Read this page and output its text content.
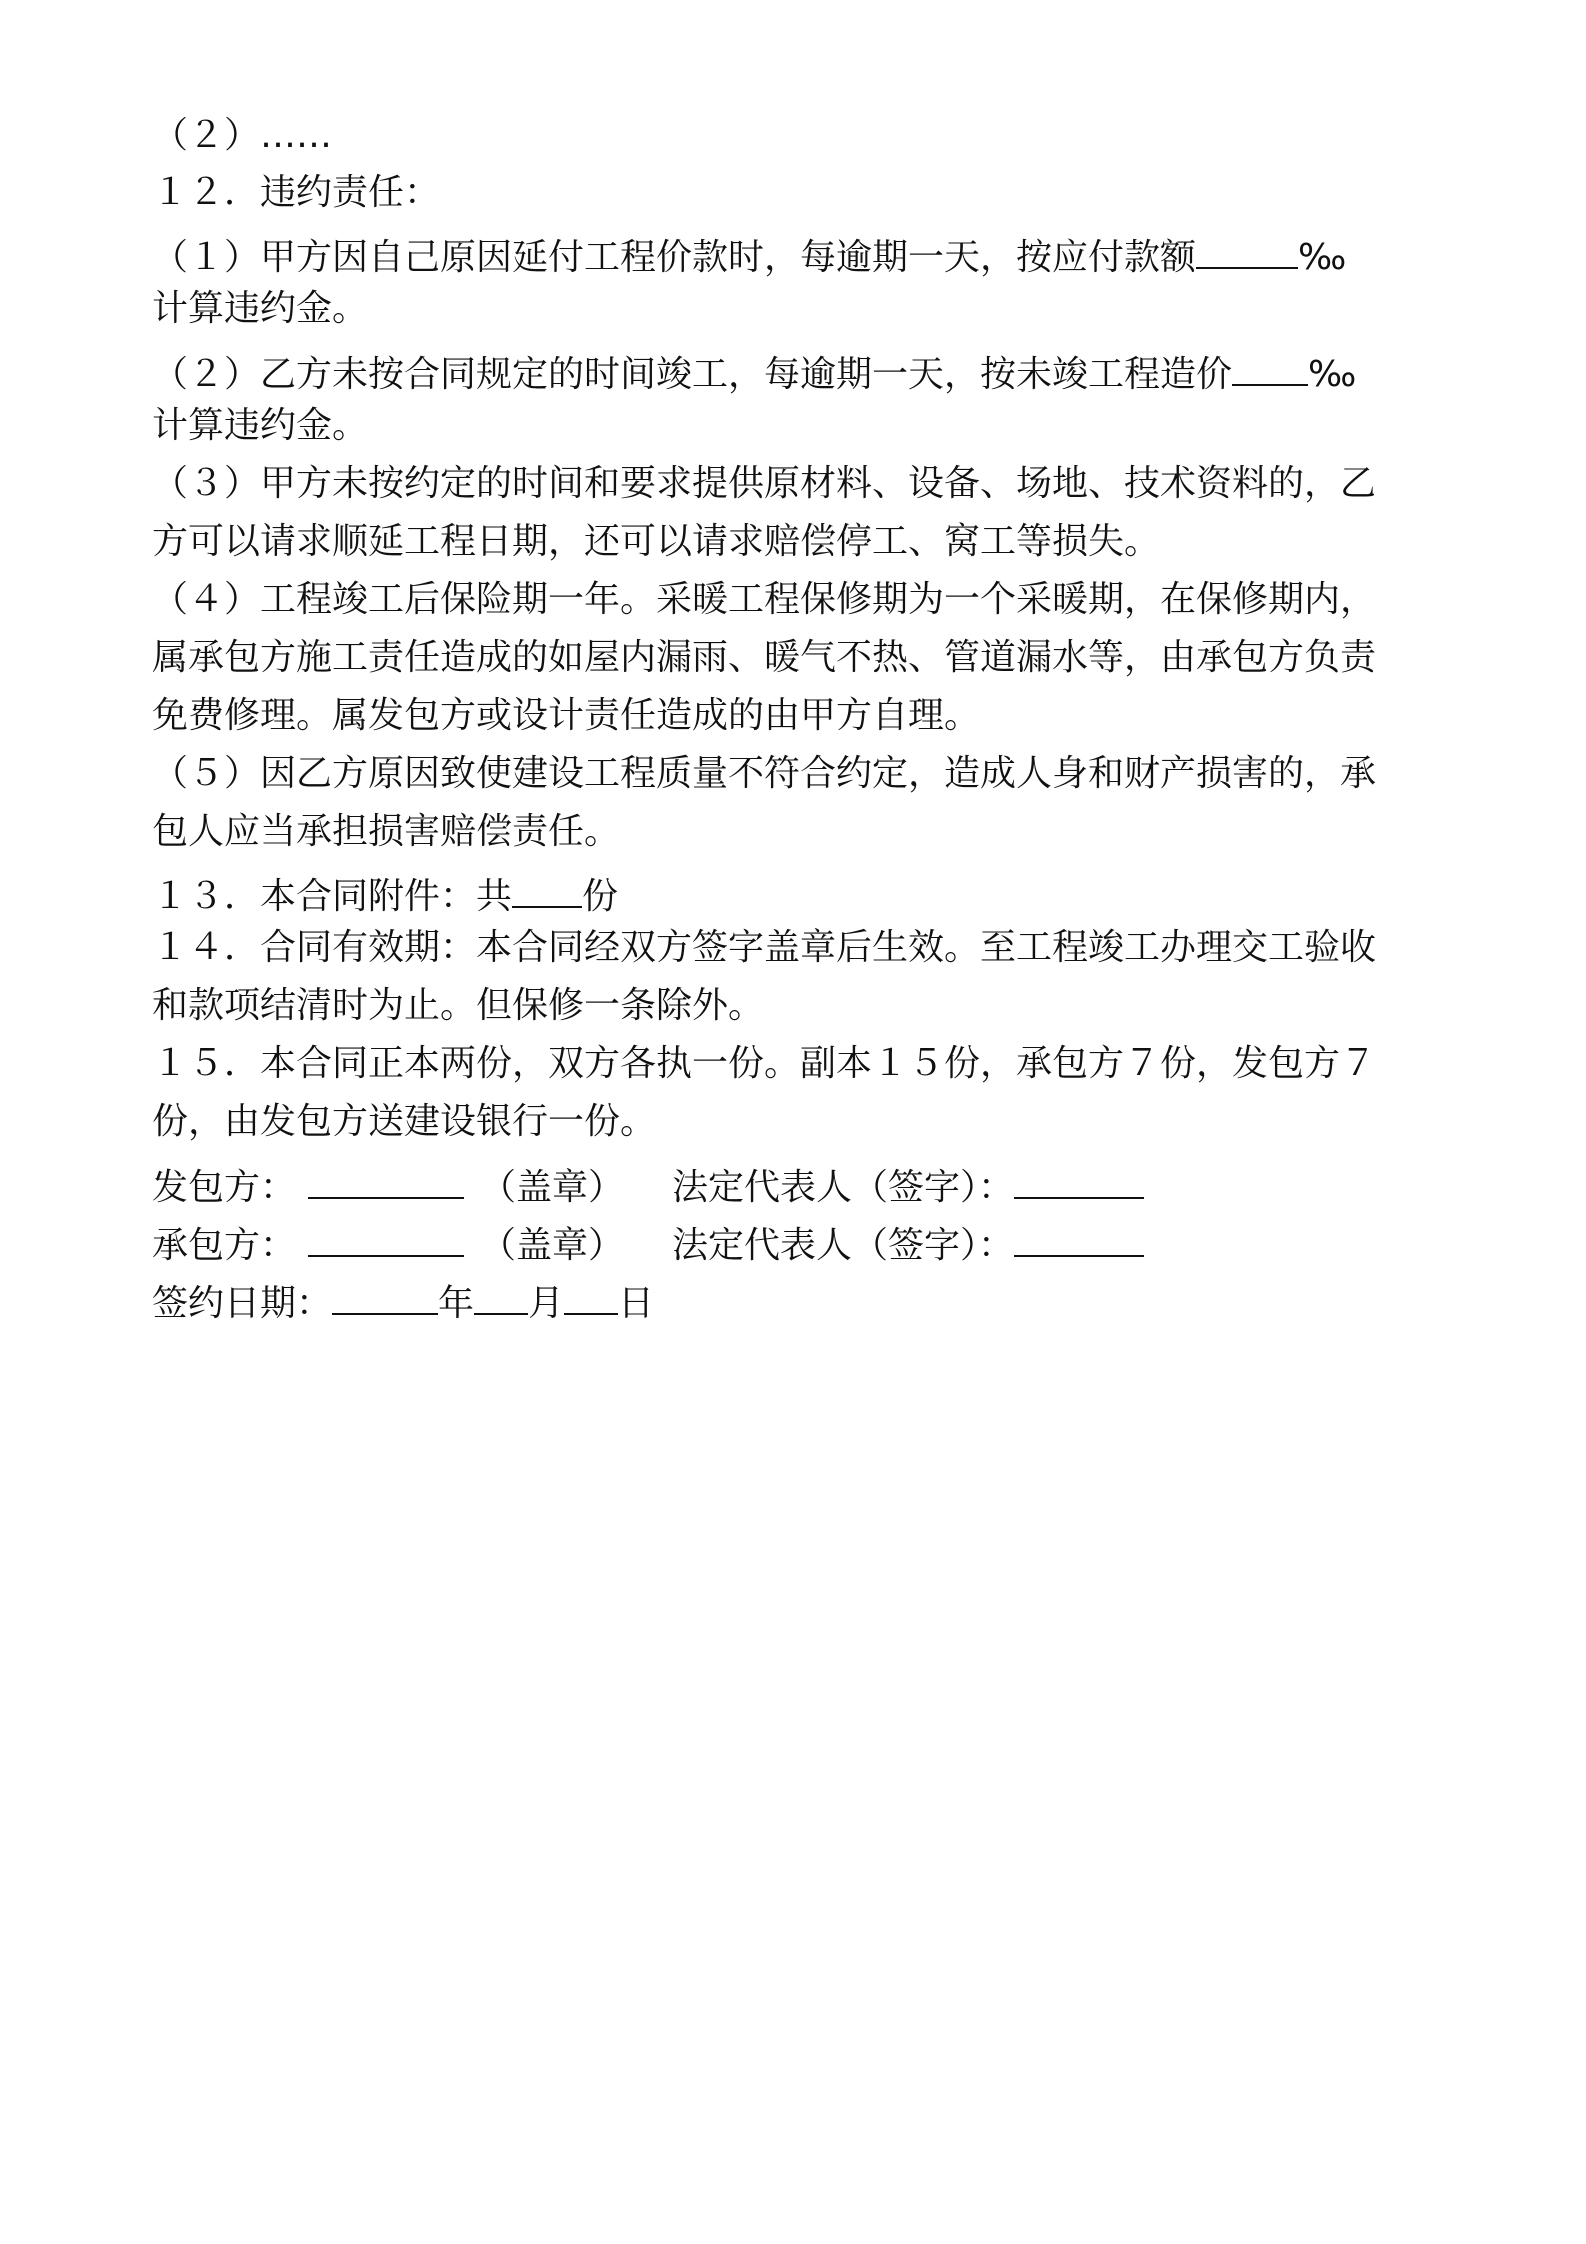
（２）……
１２．违约责任：
（１）甲方因自己原因延付工程价款时，每逾期一天，按应付款额	‰
计算违约金。
（２）乙方未按合同规定的时间竣工，每逾期一天，按未竣工程造价 ‰
计算违约金。
（３）甲方未按约定的时间和要求提供原材料、设备、场地、技术资料的，乙
方可以请求顺延工程日期，还可以请求赔偿停工、窝工等损失。
（４）工程竣工后保险期一年。采暖工程保修期为一个采暖期，在保修期内，
属承包方施工责任造成的如屋内漏雨、暖气不热、管道漏水等，由承包方负责
免费修理。属发包方或设计责任造成的由甲方自理。
（５）因乙方原因致使建设工程质量不符合约定，造成人身和财产损害的，承
包人应当承担损害赔偿责任。
１３．本合同附件：共 份
１４．合同有效期：本合同经双方签字盖章后生效。至工程竣工办理交工验收
和款项结清时为止。但保修一条除外。
１５．本合同正本两份，双方各执一份。副本１５份，承包方７份，发包方７
份，由发包方送建设银行一份。
发包方：	（盖章） 法定代表人（签字）：
承包方：	（盖章） 法定代表人（签字）：
签约日期：	年 月 日
